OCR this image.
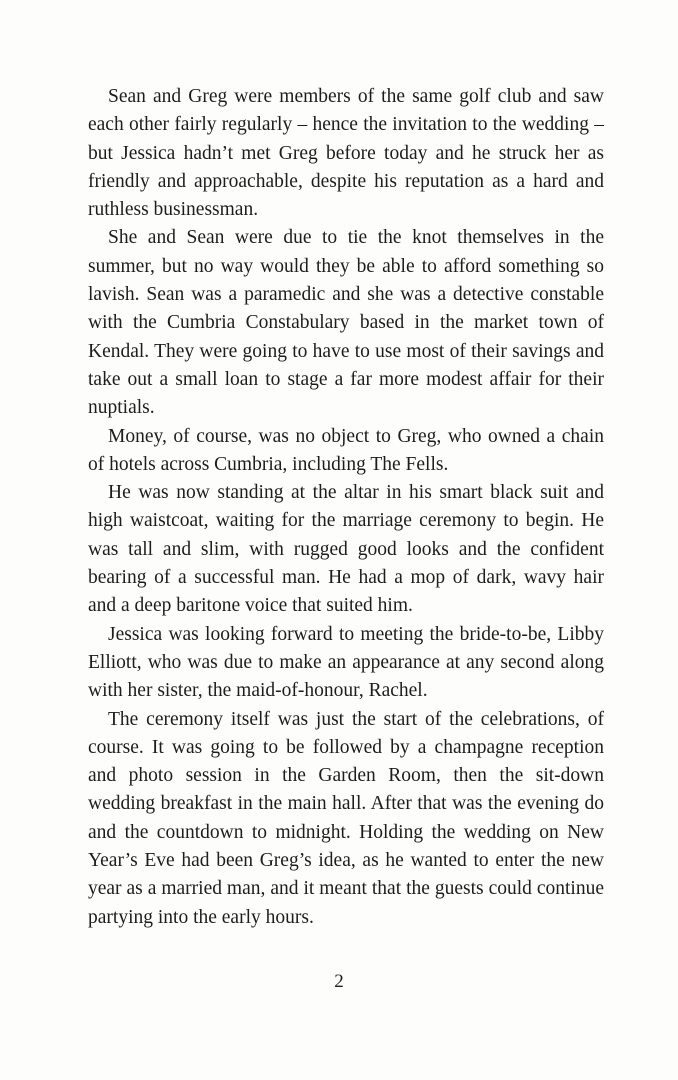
Sean and Greg were members of the same golf club and saw each other fairly regularly – hence the invitation to the wedding – but Jessica hadn’t met Greg before today and he struck her as friendly and approachable, despite his reputation as a hard and ruthless businessman.

She and Sean were due to tie the knot themselves in the summer, but no way would they be able to afford something so lavish. Sean was a paramedic and she was a detective constable with the Cumbria Constabulary based in the market town of Kendal. They were going to have to use most of their savings and take out a small loan to stage a far more modest affair for their nuptials.

Money, of course, was no object to Greg, who owned a chain of hotels across Cumbria, including The Fells.

He was now standing at the altar in his smart black suit and high waistcoat, waiting for the marriage ceremony to begin. He was tall and slim, with rugged good looks and the confident bearing of a successful man. He had a mop of dark, wavy hair and a deep baritone voice that suited him.

Jessica was looking forward to meeting the bride-to-be, Libby Elliott, who was due to make an appearance at any second along with her sister, the maid-of-honour, Rachel.

The ceremony itself was just the start of the celebrations, of course. It was going to be followed by a champagne reception and photo session in the Garden Room, then the sit-down wedding breakfast in the main hall. After that was the evening do and the countdown to midnight. Holding the wedding on New Year’s Eve had been Greg’s idea, as he wanted to enter the new year as a married man, and it meant that the guests could continue partying into the early hours.

2
